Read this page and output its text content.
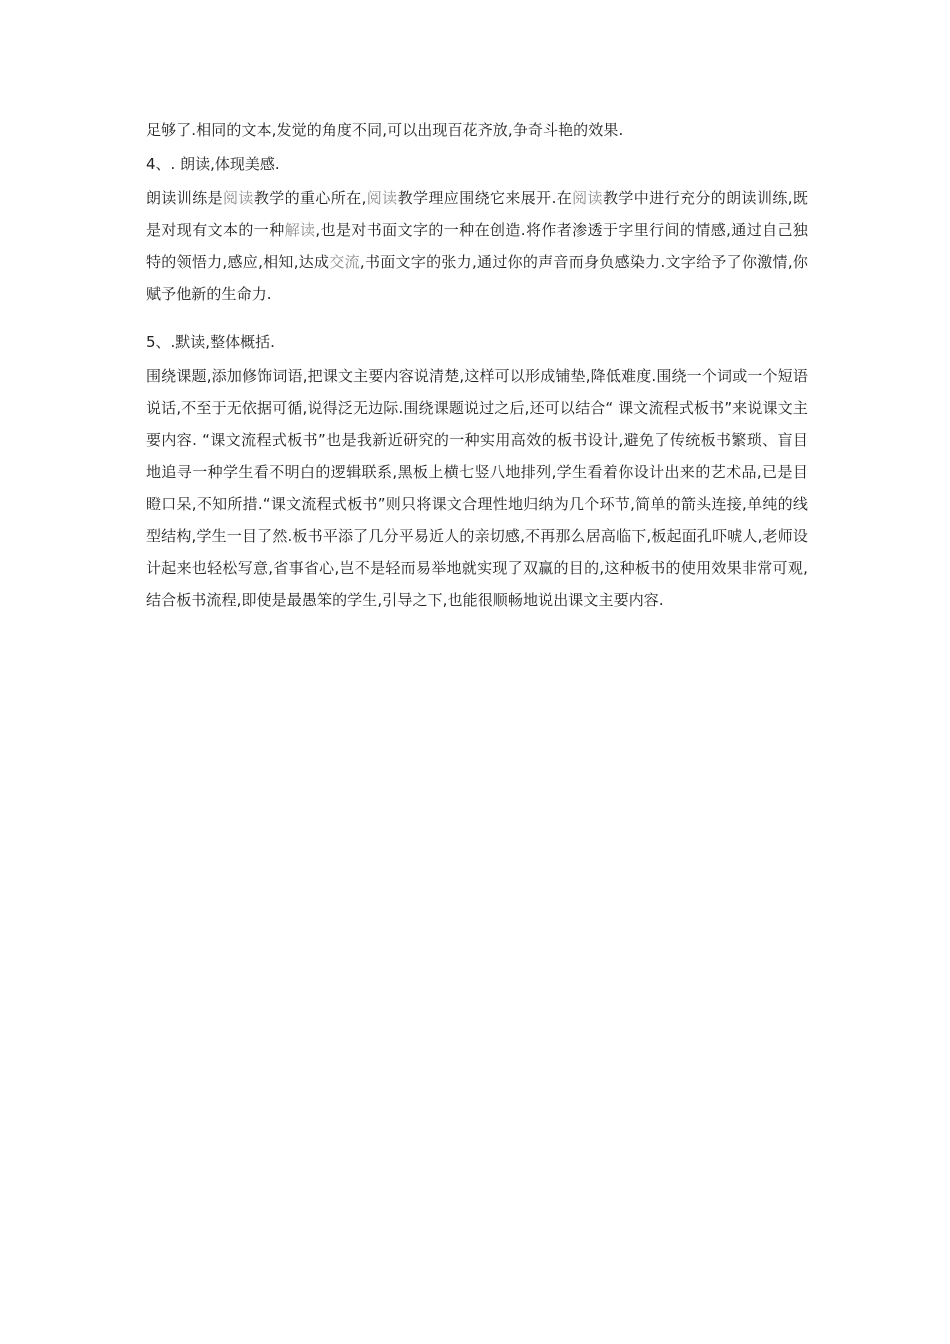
足够了.相同的文本,发觉的角度不同,可以出现百花齐放,争奇斗艳的效果.

4、. 朗读,体现美感.

朗读训练是阅读教学的重心所在,阅读教学理应围绕它来展开.在阅读教学中进行充分的朗读训练,既是对现有文本的一种解读,也是对书面文字的一种在创造.将作者渗透于字里行间的情感,通过自己独特的领悟力,感应,相知,达成交流,书面文字的张力,通过你的声音而身负感染力.文字给予了你激情,你赋予他新的生命力.

5、.默读,整体概括.

围绕课题,添加修饰词语,把课文主要内容说清楚,这样可以形成铺垫,降低难度.围绕一个词或一个短语说话,不至于无依据可循,说得泛无边际.围绕课题说过之后,还可以结合“ 课文流程式板书”来说课文主要内容. “课文流程式板书”也是我新近研究的一种实用高效的板书设计,避免了传统板书繁琐、盲目地追寻一种学生看不明白的逻辑联系,黑板上横七竖八地排列,学生看着你设计出来的艺术品,已是目瞪口呆,不知所措.“课文流程式板书”则只将课文合理性地归纳为几个环节,简单的箭头连接,单纯的线型结构,学生一目了然.板书平添了几分平易近人的亲切感,不再那么居高临下,板起面孔吓唬人,老师设计起来也轻松写意,省事省心,岂不是轻而易举地就实现了双赢的目的,这种板书的使用效果非常可观,结合板书流程,即使是最愚笨的学生,引导之下,也能很顺畅地说出课文主要内容.
